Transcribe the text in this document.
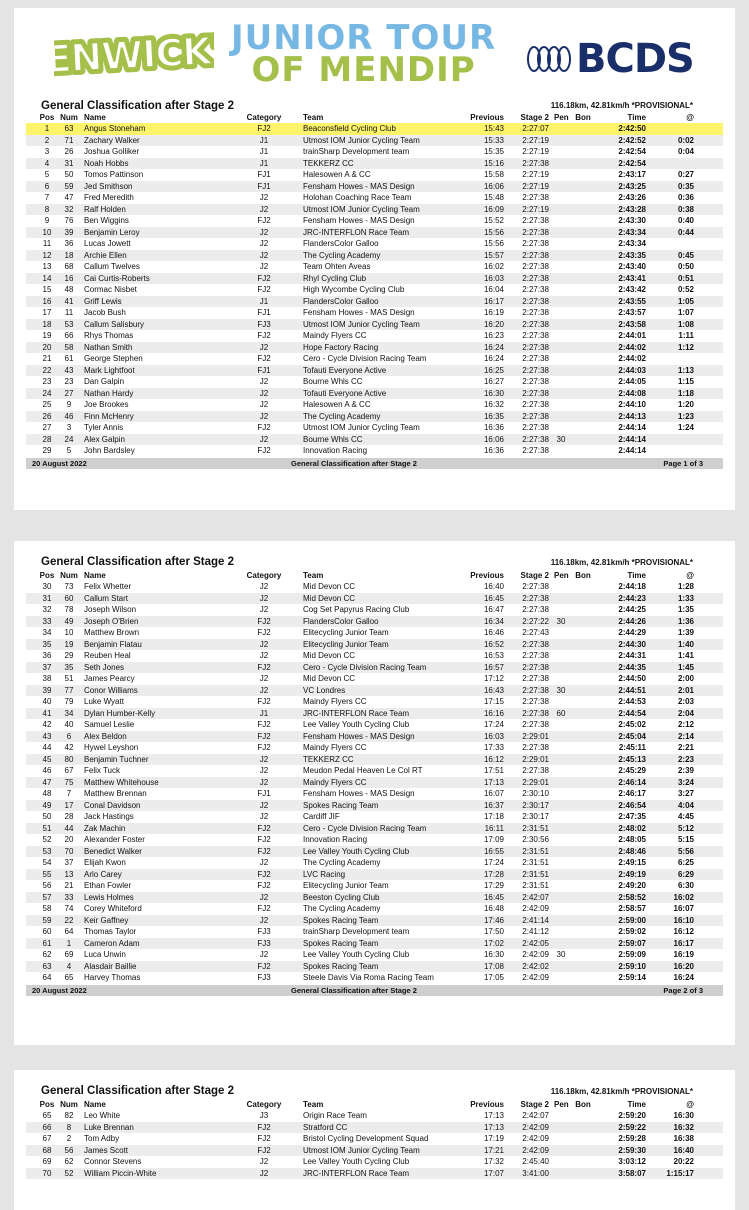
FENWICK'S
FENWICK'S
JUNIOR TOUR
OF MENDIP	BCDS
General Classification after Stage 2	116.18km, 42.81km/h *PROVISIONAL*
Pos Num Name	Category	Team	Previous	Stage 2 Pen Bon	Time	@
1	63	Angus Stoneham	FJ2	Beaconsfield Cycling Club	15:43	2:27:07	2:42:50
2	71	Zachary Walker	J1	Utmost IOM Junior Cycling Team	15:33	2:27:19	2:42:52	0:02
3	26	Joshua Golliker	J1	trainSharp Development team	15:35	2:27:19	2:42:54	0:04
4	31	Noah Hobbs	J1	TEKKERZ CC	15:16	2:27:38	2:42:54
5	50	Tomos Pattinson	FJ1	Halesowen A & CC	15:58	2:27:19	2:43:17	0:27
6	59	Jed Smithson	FJ1	Fensham Howes - MAS Design	16:06	2:27:19	2:43:25	0:35
7	47	Fred Meredith	J2	Holohan Coaching Race Team	15:48	2:27:38	2:43:26	0:36
8	32	Ralf Holden	J2	Utmost IOM Junior Cycling Team	16:09	2:27:19	2:43:28	0:38
9	76	Ben Wiggins	FJ2	Fensham Howes - MAS Design	15:52	2:27:38	2:43:30	0:40
10	39	Benjamin Leroy	J2	JRC-INTERFLON Race Team	15:56	2:27:38	2:43:34	0:44
11	36	Lucas Jowett	J2	FlandersColor Galloo	15:56	2:27:38	2:43:34
12	18	Archie Ellen	J2	The Cycling Academy	15:57	2:27:38	2:43:35	0:45
13	68	Callum Twelves	J2	Team Ohten Aveas	16:02	2:27:38	2:43:40	0:50
14	16	Cai Curtis-Roberts	FJ2	Rhyl Cycling Club	16:03	2:27:38	2:43:41	0:51
15	48	Cormac Nisbet	FJ2	High Wycombe Cycling Club	16:04	2:27:38	2:43:42	0:52
16	41	Griff Lewis	J1	FlandersColor Galloo	16:17	2:27:38	2:43:55	1:05
17	11	Jacob Bush	FJ1	Fensham Howes - MAS Design	16:19	2:27:38	2:43:57	1:07
18	53	Callum Salisbury	FJ3	Utmost IOM Junior Cycling Team	16:20	2:27:38	2:43:58	1:08
19	66	Rhys Thomas	FJ2	Maindy Flyers CC	16:23	2:27:38	2:44:01	1:11
20	58	Nathan Smith	J2	Hope Factory Racing	16:24	2:27:38	2:44:02	1:12
21	61	George Stephen	FJ2	Cero - Cycle Division Racing Team	16:24	2:27:38	2:44:02
22	43	Mark Lightfoot	FJ1	Tofauti Everyone Active	16:25	2:27:38	2:44:03	1:13
23	23	Dan Galpin	J2	Bourne Whls CC	16:27	2:27:38	2:44:05	1:15
24	27	Nathan Hardy	J2	Tofauti Everyone Active	16:30	2:27:38	2:44:08	1:18
25	9	Joe Brookes	J2	Halesowen A & CC	16:32	2:27:38	2:44:10	1:20
26	46	Finn McHenry	J2	The Cycling Academy	16:35	2:27:38	2:44:13	1:23
27	3	Tyler Annis	FJ2	Utmost IOM Junior Cycling Team	16:36	2:27:38	2:44:14	1:24
28	24	Alex Galpin	J2	Bourne Whls CC	16:06	2:27:38 30	2:44:14
29	5	John Bardsley	FJ2	Innovation Racing	16:36	2:27:38	2:44:14
20 August 2022	General Classification after Stage 2	Page 1 of 3
General Classification after Stage 2	116.18km, 42.81km/h *PROVISIONAL*
Pos Num Name	Category	Team	Previous	Stage 2 Pen Bon	Time	@
30	73	Felix Whetter	J2	Mid Devon CC	16:40	2:27:38	2:44:18	1:28
31	60	Callum Start	J2	Mid Devon CC	16:45	2:27:38	2:44:23	1:33
32	78	Joseph Wilson	J2	Cog Set Papyrus Racing Club	16:47	2:27:38	2:44:25	1:35
33	49	Joseph O'Brien	FJ2	FlandersColor Galloo	16:34	2:27:22 30	2:44:26	1:36
34	10	Matthew Brown	FJ2	Elitecycling Junior Team	16:46	2:27:43	2:44:29	1:39
35	19	Benjamin Flatau	J2	Elitecycling Junior Team	16:52	2:27:38	2:44:30	1:40
36	29	Reuben Heal	J2	Mid Devon CC	16:53	2:27:38	2:44:31	1:41
37	35	Seth Jones	FJ2	Cero - Cycle Division Racing Team	16:57	2:27:38	2:44:35	1:45
38	51	James Pearcy	J2	Mid Devon CC	17:12	2:27:38	2:44:50	2:00
39	77	Conor Williams	J2	VC Londres	16:43	2:27:38 30	2:44:51	2:01
40	79	Luke Wyatt	FJ2	Maindy Flyers CC	17:15	2:27:38	2:44:53	2:03
41	34	Dylan Humber-Kelly	J1	JRC-INTERFLON Race Team	16:16	2:27:38 60	2:44:54	2:04
42	40	Samuel Leslie	FJ2	Lee Valley Youth Cycling Club	17:24	2:27:38	2:45:02	2:12
43	6	Alex Beldon	FJ2	Fensham Howes - MAS Design	16:03	2:29:01	2:45:04	2:14
44	42	Hywel Leyshon	FJ2	Maindy Flyers CC	17:33	2:27:38	2:45:11	2:21
45	80	Benjamin Tuchner	J2	TEKKERZ CC	16:12	2:29:01	2:45:13	2:23
46	67	Felix Tuck	J2	Meudon Pedal Heaven Le Col RT	17:51	2:27:38	2:45:29	2:39
47	75	Matthew Whitehouse	J2	Maindy Flyers CC	17:13	2:29:01	2:46:14	3:24
48	7	Matthew Brennan	FJ1	Fensham Howes - MAS Design	16:07	2:30:10	2:46:17	3:27
49	17	Conal Davidson	J2	Spokes Racing Team	16:37	2:30:17	2:46:54	4:04
50	28	Jack Hastings	J2	Cardiff JIF	17:18	2:30:17	2:47:35	4:45
51	44	Zak Machin	FJ2	Cero - Cycle Division Racing Team	16:11	2:31:51	2:48:02	5:12
52	20	Alexander Foster	FJ2	Innovation Racing	17:09	2:30:56	2:48:05	5:15
53	70	Benedict Walker	FJ2	Lee Valley Youth Cycling Club	16:55	2:31:51	2:48:46	5:56
54	37	Elijah Kwon	J2	The Cycling Academy	17:24	2:31:51	2:49:15	6:25
55	13	Arlo Carey	FJ2	LVC Racing	17:28	2:31:51	2:49:19	6:29
56	21	Ethan Fowler	FJ2	Elitecycling Junior Team	17:29	2:31:51	2:49:20	6:30
57	33	Lewis Holmes	J2	Beeston Cycling Club	16:45	2:42:07	2:58:52	16:02
58	74	Corey Whiteford	FJ2	The Cycling Academy	16:48	2:42:09	2:58:57	16:07
59	22	Keir Gaffney	J2	Spokes Racing Team	17:46	2:41:14	2:59:00	16:10
60	64	Thomas Taylor	FJ3	trainSharp Development team	17:50	2:41:12	2:59:02	16:12
61	1	Cameron Adam	FJ3	Spokes Racing Team	17:02	2:42:05	2:59:07	16:17
62	69	Luca Unwin	J2	Lee Valley Youth Cycling Club	16:30	2:42:09 30	2:59:09	16:19
63	4	Alasdair Baillie	FJ2	Spokes Racing Team	17:08	2:42:02	2:59:10	16:20
64	65	Harvey Thomas	FJ3	Steele Davis Via Roma Racing Team	17:05	2:42:09	2:59:14	16:24
20 August 2022	General Classification after Stage 2	Page 2 of 3
General Classification after Stage 2	116.18km, 42.81km/h *PROVISIONAL*
Pos Num Name	Category	Team	Previous	Stage 2 Pen Bon	Time	@
65	82	Leo White	J3	Origin Race Team	17:13	2:42:07	2:59:20	16:30
66	8	Luke Brennan	FJ2	Stratford CC	17:13	2:42:09	2:59:22	16:32
67	2	Tom Adby	FJ2	Bristol Cycling Development Squad	17:19	2:42:09	2:59:28	16:38
68	56	James Scott	FJ2	Utmost IOM Junior Cycling Team	17:21	2:42:09	2:59:30	16:40
69	62	Connor Stevens	J2	Lee Valley Youth Cycling Club	17:32	2:45:40	3:03:12	20:22
70	52	William Piccin-White	J2	JRC-INTERFLON Race Team	17:07	3:41:00	3:58:07	1:15:17
